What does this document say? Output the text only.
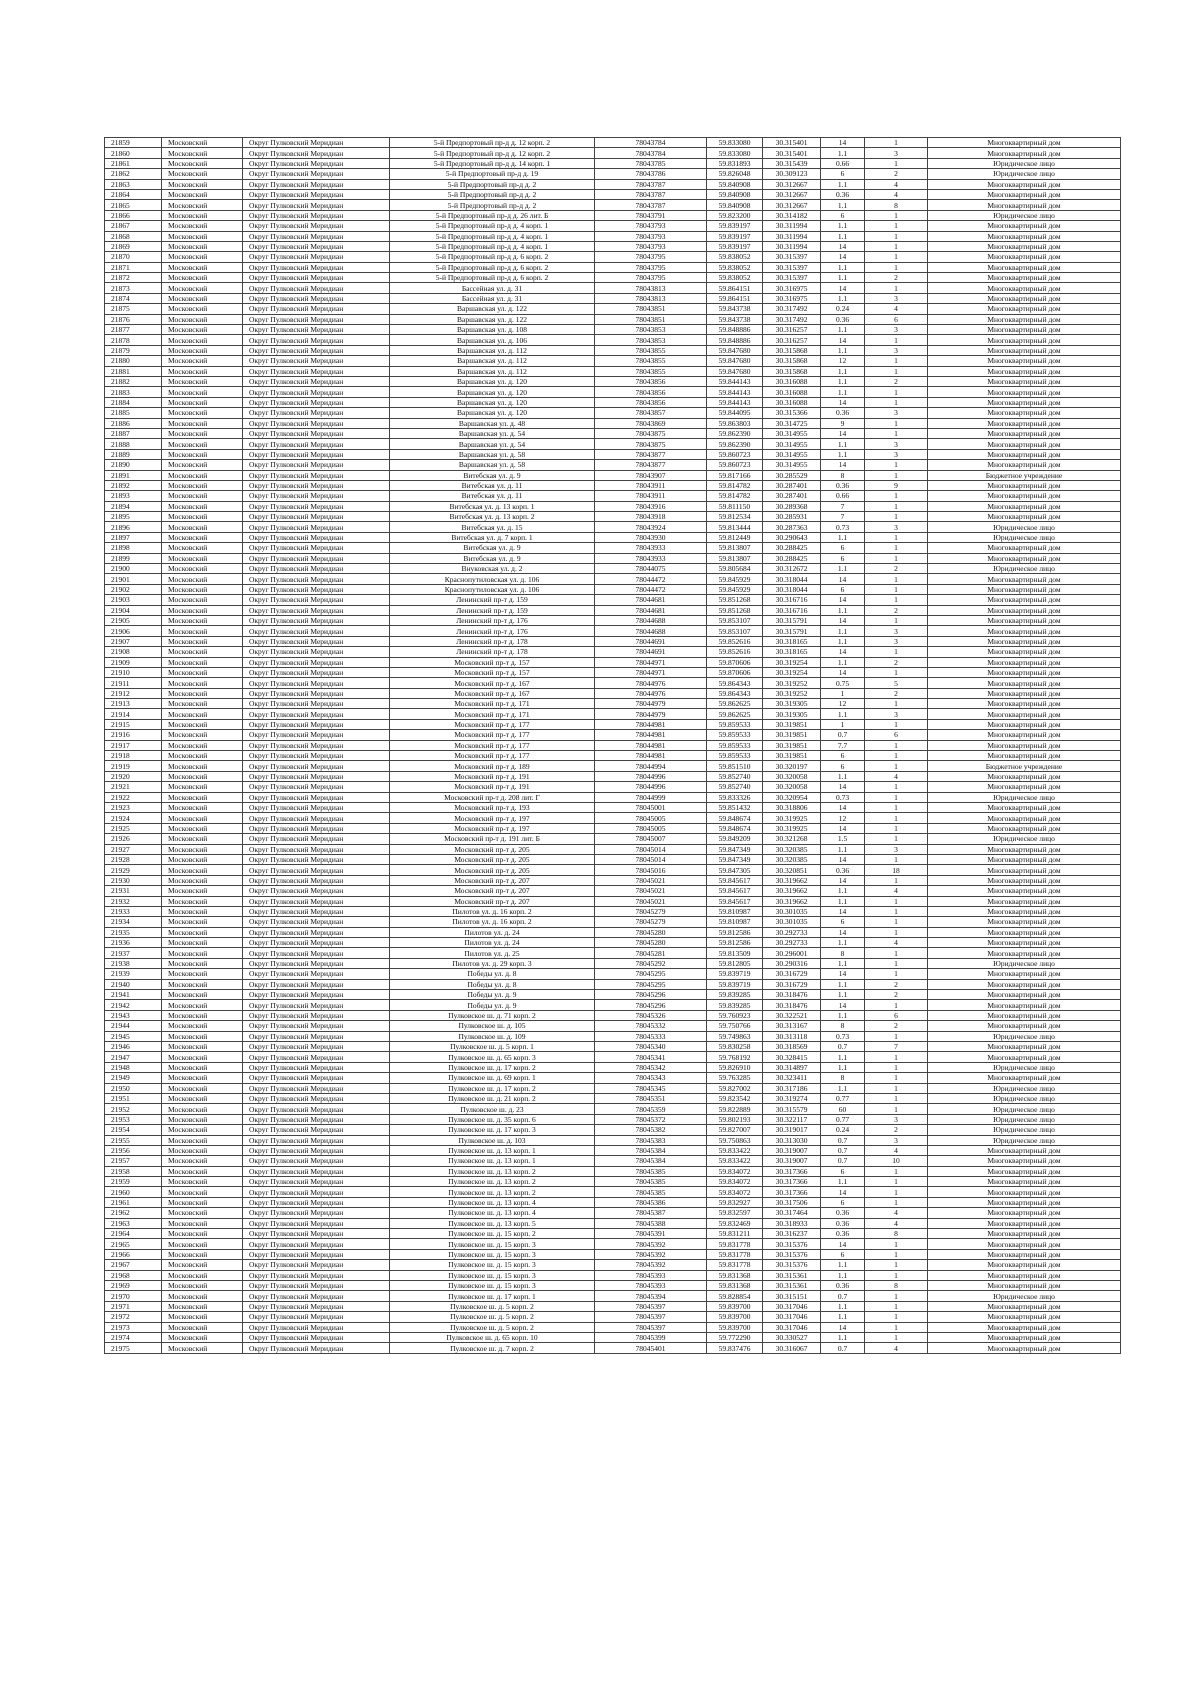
21859	Московский	Округ Пулковский Меридиан	5-й Предпортовый пр-д д. 12 корп. 2	78043784	59.833080	30.315401	14	1	Многоквартирный дом
21860	Московский	Округ Пулковский Меридиан	5-й Предпортовый пр-д д. 12 корп. 2	78043784	59.833080	30.315401	1.1	3	Многоквартирный дом
21861	Московский	Округ Пулковский Меридиан	5-й Предпортовый пр-д д. 14 корп. 1	78043785	59.831893	30.315439	0.66	1	Юридическое лицо
21862	Московский	Округ Пулковский Меридиан	5-й Предпортовый пр-д д. 19	78043786	59.826048	30.309123	6	2	Юридическое лицо
21863	Московский	Округ Пулковский Меридиан	5-й Предпортовый пр-д д. 2	78043787	59.840908	30.312667	1.1	4	Многоквартирный дом
21864	Московский	Округ Пулковский Меридиан	5-й Предпортовый пр-д д. 2	78043787	59.840908	30.312667	0.36	4	Многоквартирный дом
21865	Московский	Округ Пулковский Меридиан	5-й Предпортовый пр-д д. 2	78043787	59.840908	30.312667	1.1	8	Многоквартирный дом
21866	Московский	Округ Пулковский Меридиан	5-й Предпортовый пр-д д. 26 лит. Б	78043791	59.823200	30.314182	6	1	Юридическое лицо
21867	Московский	Округ Пулковский Меридиан	5-й Предпортовый пр-д д. 4 корп. 1	78043793	59.839197	30.311994	1.1	1	Многоквартирный дом
21868	Московский	Округ Пулковский Меридиан	5-й Предпортовый пр-д д. 4 корп. 1	78043793	59.839197	30.311994	1.1	1	Многоквартирный дом
21869	Московский	Округ Пулковский Меридиан	5-й Предпортовый пр-д д. 4 корп. 1	78043793	59.839197	30.311994	14	1	Многоквартирный дом
21870	Московский	Округ Пулковский Меридиан	5-й Предпортовый пр-д д. 6 корп. 2	78043795	59.838052	30.315397	14	1	Многоквартирный дом
21871	Московский	Округ Пулковский Меридиан	5-й Предпортовый пр-д д. 6 корп. 2	78043795	59.838052	30.315397	1.1	1	Многоквартирный дом
21872	Московский	Округ Пулковский Меридиан	5-й Предпортовый пр-д д. 6 корп. 2	78043795	59.838052	30.315397	1.1	2	Многоквартирный дом
21873	Московский	Округ Пулковский Меридиан	Бассейная ул. д. 31	78043813	59.864151	30.316975	14	1	Многоквартирный дом
21874	Московский	Округ Пулковский Меридиан	Бассейная ул. д. 31	78043813	59.864151	30.316975	1.1	3	Многоквартирный дом
21875	Московский	Округ Пулковский Меридиан	Варшавская ул. д. 122	78043851	59.843738	30.317492	0.24	4	Многоквартирный дом
21876	Московский	Округ Пулковский Меридиан	Варшавская ул. д. 122	78043851	59.843738	30.317492	0.36	6	Многоквартирный дом
21877	Московский	Округ Пулковский Меридиан	Варшавская ул. д. 108	78043853	59.848886	30.316257	1.1	3	Многоквартирный дом
21878	Московский	Округ Пулковский Меридиан	Варшавская ул. д. 106	78043853	59.848886	30.316257	14	1	Многоквартирный дом
21879	Московский	Округ Пулковский Меридиан	Варшавская ул. д. 112	78043855	59.847680	30.315868	1.1	3	Многоквартирный дом
21880	Московский	Округ Пулковский Меридиан	Варшавская ул. д. 112	78043855	59.847680	30.315868	12	1	Многоквартирный дом
21881	Московский	Округ Пулковский Меридиан	Варшавская ул. д. 112	78043855	59.847680	30.315868	1.1	1	Многоквартирный дом
21882	Московский	Округ Пулковский Меридиан	Варшавская ул. д. 120	78043856	59.844143	30.316088	1.1	2	Многоквартирный дом
21883	Московский	Округ Пулковский Меридиан	Варшавская ул. д. 120	78043856	59.844143	30.316088	1.1	1	Многоквартирный дом
21884	Московский	Округ Пулковский Меридиан	Варшавская ул. д. 120	78043856	59.844143	30.316088	14	1	Многоквартирный дом
21885	Московский	Округ Пулковский Меридиан	Варшавская ул. д. 120	78043857	59.844095	30.315366	0.36	3	Многоквартирный дом
21886	Московский	Округ Пулковский Меридиан	Варшавская ул. д. 48	78043869	59.863803	30.314725	9	1	Многоквартирный дом
21887	Московский	Округ Пулковский Меридиан	Варшавская ул. д. 54	78043875	59.862390	30.314955	14	1	Многоквартирный дом
21888	Московский	Округ Пулковский Меридиан	Варшавская ул. д. 54	78043875	59.862390	30.314955	1.1	3	Многоквартирный дом
21889	Московский	Округ Пулковский Меридиан	Варшавская ул. д. 58	78043877	59.860723	30.314955	1.1	3	Многоквартирный дом
21890	Московский	Округ Пулковский Меридиан	Варшавская ул. д. 58	78043877	59.860723	30.314955	14	1	Многоквартирный дом
21891	Московский	Округ Пулковский Меридиан	Витебская ул. д. 9	78043907	59.817166	30.285529	8	1	Бюджетное учреждение
21892	Московский	Округ Пулковский Меридиан	Витебская ул. д. 11	78043911	59.814782	30.287401	0.36	9	Многоквартирный дом
21893	Московский	Округ Пулковский Меридиан	Витебская ул. д. 11	78043911	59.814782	30.287401	0.66	1	Многоквартирный дом
21894	Московский	Округ Пулковский Меридиан	Витебская ул. д. 13 корп. 1	78043916	59.811150	30.289368	7	1	Многоквартирный дом
21895	Московский	Округ Пулковский Меридиан	Витебская ул. д. 13 корп. 2	78043918	59.812534	30.285931	7	1	Многоквартирный дом
21896	Московский	Округ Пулковский Меридиан	Витебская ул. д. 15	78043924	59.813444	30.287363	0.73	3	Юридическое лицо
21897	Московский	Округ Пулковский Меридиан	Витебская ул. д. 7 корп. 1	78043930	59.812449	30.290643	1.1	1	Юридическое лицо
21898	Московский	Округ Пулковский Меридиан	Витебская ул. д. 9	78043933	59.813807	30.288425	6	1	Многоквартирный дом
21899	Московский	Округ Пулковский Меридиан	Витебская ул. д. 9	78043933	59.813807	30.288425	6	1	Многоквартирный дом
21900	Московский	Округ Пулковский Меридиан	Внуковская ул. д. 2	78044075	59.805684	30.312672	1.1	2	Юридическое лицо
21901	Московский	Округ Пулковский Меридиан	Краснопутиловская ул. д. 106	78044472	59.845929	30.318044	14	1	Многоквартирный дом
21902	Московский	Округ Пулковский Меридиан	Краснопутиловская ул. д. 106	78044472	59.845929	30.318044	6	1	Многоквартирный дом
21903	Московский	Округ Пулковский Меридиан	Ленинский пр-т д. 159	78044681	59.851268	30.316716	14	1	Многоквартирный дом
21904	Московский	Округ Пулковский Меридиан	Ленинский пр-т д. 159	78044681	59.851268	30.316716	1.1	2	Многоквартирный дом
21905	Московский	Округ Пулковский Меридиан	Ленинский пр-т д. 176	78044688	59.853107	30.315791	14	1	Многоквартирный дом
21906	Московский	Округ Пулковский Меридиан	Ленинский пр-т д. 176	78044688	59.853107	30.315791	1.1	3	Многоквартирный дом
21907	Московский	Округ Пулковский Меридиан	Ленинский пр-т д. 178	78044691	59.852616	30.318165	1.1	3	Многоквартирный дом
21908	Московский	Округ Пулковский Меридиан	Ленинский пр-т д. 178	78044691	59.852616	30.318165	14	1	Многоквартирный дом
21909	Московский	Округ Пулковский Меридиан	Московский пр-т д. 157	78044971	59.870606	30.319254	1.1	2	Многоквартирный дом
21910	Московский	Округ Пулковский Меридиан	Московский пр-т д. 157	78044971	59.870606	30.319254	14	1	Многоквартирный дом
21911	Московский	Округ Пулковский Меридиан	Московский пр-т д. 167	78044976	59.864343	30.319252	0.75	5	Многоквартирный дом
21912	Московский	Округ Пулковский Меридиан	Московский пр-т д. 167	78044976	59.864343	30.319252	1	2	Многоквартирный дом
21913	Московский	Округ Пулковский Меридиан	Московский пр-т д. 171	78044979	59.862625	30.319305	12	1	Многоквартирный дом
21914	Московский	Округ Пулковский Меридиан	Московский пр-т д. 171	78044979	59.862625	30.319305	1.1	3	Многоквартирный дом
21915	Московский	Округ Пулковский Меридиан	Московский пр-т д. 177	78044981	59.859533	30.319851	1	1	Многоквартирный дом
21916	Московский	Округ Пулковский Меридиан	Московский пр-т д. 177	78044981	59.859533	30.319851	0.7	6	Многоквартирный дом
21917	Московский	Округ Пулковский Меридиан	Московский пр-т д. 177	78044981	59.859533	30.319851	7.7	1	Многоквартирный дом
21918	Московский	Округ Пулковский Меридиан	Московский пр-т д. 177	78044981	59.859533	30.319851	6	1	Многоквартирный дом
21919	Московский	Округ Пулковский Меридиан	Московский пр-т д. 189	78044994	59.851510	30.320197	6	1	Бюджетное учреждение
21920	Московский	Округ Пулковский Меридиан	Московский пр-т д. 191	78044996	59.852740	30.320058	1.1	4	Многоквартирный дом
21921	Московский	Округ Пулковский Меридиан	Московский пр-т д. 191	78044996	59.852740	30.320058	14	1	Многоквартирный дом
21922	Московский	Округ Пулковский Меридиан	Московский пр-т д. 208 лит. Г	78044999	59.833326	30.320954	0.73	1	Юридическое лицо
21923	Московский	Округ Пулковский Меридиан	Московский пр-т д. 193	78045001	59.851432	30.318806	14	1	Многоквартирный дом
21924	Московский	Округ Пулковский Меридиан	Московский пр-т д. 197	78045005	59.848674	30.319925	12	1	Многоквартирный дом
21925	Московский	Округ Пулковский Меридиан	Московский пр-т д. 197	78045005	59.848674	30.319925	14	1	Многоквартирный дом
21926	Московский	Округ Пулковский Меридиан	Московский пр-т д. 191 лит. Б	78045007	59.849209	30.321268	1.5	1	Юридическое лицо
21927	Московский	Округ Пулковский Меридиан	Московский пр-т д. 205	78045014	59.847349	30.320385	1.1	3	Многоквартирный дом
21928	Московский	Округ Пулковский Меридиан	Московский пр-т д. 205	78045014	59.847349	30.320385	14	1	Многоквартирный дом
21929	Московский	Округ Пулковский Меридиан	Московский пр-т д. 205	78045016	59.847305	30.320851	0.36	18	Многоквартирный дом
21930	Московский	Округ Пулковский Меридиан	Московский пр-т д. 207	78045021	59.845617	30.319662	14	1	Многоквартирный дом
21931	Московский	Округ Пулковский Меридиан	Московский пр-т д. 207	78045021	59.845617	30.319662	1.1	4	Многоквартирный дом
21932	Московский	Округ Пулковский Меридиан	Московский пр-т д. 207	78045021	59.845617	30.319662	1.1	1	Многоквартирный дом
21933	Московский	Округ Пулковский Меридиан	Пилотов ул. д. 16 корп. 2	78045279	59.810987	30.301035	14	1	Многоквартирный дом
21934	Московский	Округ Пулковский Меридиан	Пилотов ул. д. 16 корп. 2	78045279	59.810987	30.301035	6	1	Многоквартирный дом
21935	Московский	Округ Пулковский Меридиан	Пилотов ул. д. 24	78045280	59.812586	30.292733	14	1	Многоквартирный дом
21936	Московский	Округ Пулковский Меридиан	Пилотов ул. д. 24	78045280	59.812586	30.292733	1.1	4	Многоквартирный дом
21937	Московский	Округ Пулковский Меридиан	Пилотов ул. д. 25	78045281	59.813509	30.296001	8	1	Многоквартирный дом
21938	Московский	Округ Пулковский Меридиан	Пилотов ул. д. 29 корп. 3	78045292	59.812805	30.290316	1.1	1	Юридическое лицо
21939	Московский	Округ Пулковский Меридиан	Победы ул. д. 8	78045295	59.839719	30.316729	14	1	Многоквартирный дом
21940	Московский	Округ Пулковский Меридиан	Победы ул. д. 8	78045295	59.839719	30.316729	1.1	2	Многоквартирный дом
21941	Московский	Округ Пулковский Меридиан	Победы ул. д. 9	78045296	59.839285	30.318476	1.1	2	Многоквартирный дом
21942	Московский	Округ Пулковский Меридиан	Победы ул. д. 9	78045296	59.839285	30.318476	14	1	Многоквартирный дом
21943	Московский	Округ Пулковский Меридиан	Пулковское ш. д. 71 корп. 2	78045326	59.760923	30.322521	1.1	6	Многоквартирный дом
21944	Московский	Округ Пулковский Меридиан	Пулковское ш. д. 105	78045332	59.750766	30.313167	8	2	Многоквартирный дом
21945	Московский	Округ Пулковский Меридиан	Пулковское ш. д. 109	78045333	59.749863	30.313118	0.73	1	Юридическое лицо
21946	Московский	Округ Пулковский Меридиан	Пулковское ш. д. 5 корп. 1	78045340	59.830258	30.318569	0.7	7	Многоквартирный дом
21947	Московский	Округ Пулковский Меридиан	Пулковское ш. д. 65 корп. 3	78045341	59.768192	30.328415	1.1	1	Многоквартирный дом
21948	Московский	Округ Пулковский Меридиан	Пулковское ш. д. 17 корп. 2	78045342	59.826910	30.314897	1.1	1	Юридическое лицо
21949	Московский	Округ Пулковский Меридиан	Пулковское ш. д. 69 корп. 1	78045343	59.763285	30.323411	8	1	Многоквартирный дом
21950	Московский	Округ Пулковский Меридиан	Пулковское ш. д. 17 корп. 2	78045345	59.827002	30.317186	1.1	1	Юридическое лицо
21951	Московский	Округ Пулковский Меридиан	Пулковское ш. д. 21 корп. 2	78045351	59.823542	30.319274	0.77	1	Юридическое лицо
21952	Московский	Округ Пулковский Меридиан	Пулковское ш. д. 23	78045359	59.822889	30.315579	60	1	Юридическое лицо
21953	Московский	Округ Пулковский Меридиан	Пулковское ш. д. 35 корп. 6	78045372	59.802193	30.322117	0.77	3	Юридическое лицо
21954	Московский	Округ Пулковский Меридиан	Пулковское ш. д. 17 корп. 3	78045382	59.827007	30.319017	0.24	2	Юридическое лицо
21955	Московский	Округ Пулковский Меридиан	Пулковское ш. д. 103	78045383	59.750863	30.313030	0.7	3	Юридическое лицо
21956	Московский	Округ Пулковский Меридиан	Пулковское ш. д. 13 корп. 1	78045384	59.833422	30.319007	0.7	4	Многоквартирный дом
21957	Московский	Округ Пулковский Меридиан	Пулковское ш. д. 13 корп. 1	78045384	59.833422	30.319007	0.7	10	Многоквартирный дом
21958	Московский	Округ Пулковский Меридиан	Пулковское ш. д. 13 корп. 2	78045385	59.834072	30.317366	6	1	Многоквартирный дом
21959	Московский	Округ Пулковский Меридиан	Пулковское ш. д. 13 корп. 2	78045385	59.834072	30.317366	1.1	1	Многоквартирный дом
21960	Московский	Округ Пулковский Меридиан	Пулковское ш. д. 13 корп. 2	78045385	59.834072	30.317366	14	1	Многоквартирный дом
21961	Московский	Округ Пулковский Меридиан	Пулковское ш. д. 13 корп. 4	78045386	59.832927	30.317506	6	1	Многоквартирный дом
21962	Московский	Округ Пулковский Меридиан	Пулковское ш. д. 13 корп. 4	78045387	59.832597	30.317464	0.36	4	Многоквартирный дом
21963	Московский	Округ Пулковский Меридиан	Пулковское ш. д. 13 корп. 5	78045388	59.832469	30.318933	0.36	4	Многоквартирный дом
21964	Московский	Округ Пулковский Меридиан	Пулковское ш. д. 15 корп. 2	78045391	59.831211	30.316237	0.36	8	Многоквартирный дом
21965	Московский	Округ Пулковский Меридиан	Пулковское ш. д. 15 корп. 3	78045392	59.831778	30.315376	14	1	Многоквартирный дом
21966	Московский	Округ Пулковский Меридиан	Пулковское ш. д. 15 корп. 3	78045392	59.831778	30.315376	6	1	Многоквартирный дом
21967	Московский	Округ Пулковский Меридиан	Пулковское ш. д. 15 корп. 3	78045392	59.831778	30.315376	1.1	1	Многоквартирный дом
21968	Московский	Округ Пулковский Меридиан	Пулковское ш. д. 15 корп. 3	78045393	59.831368	30.315361	1.1	1	Многоквартирный дом
21969	Московский	Округ Пулковский Меридиан	Пулковское ш. д. 15 корп. 3	78045393	59.831368	30.315361	0.36	8	Многоквартирный дом
21970	Московский	Округ Пулковский Меридиан	Пулковское ш. д. 17 корп. 1	78045394	59.828854	30.315151	0.7	1	Юридическое лицо
21971	Московский	Округ Пулковский Меридиан	Пулковское ш. д. 5 корп. 2	78045397	59.839700	30.317046	1.1	1	Многоквартирный дом
21972	Московский	Округ Пулковский Меридиан	Пулковское ш. д. 5 корп. 2	78045397	59.839700	30.317046	1.1	1	Многоквартирный дом
21973	Московский	Округ Пулковский Меридиан	Пулковское ш. д. 5 корп. 2	78045397	59.839700	30.317046	14	1	Многоквартирный дом
21974	Московский	Округ Пулковский Меридиан	Пулковское ш. д. 65 корп. 10	78045399	59.772290	30.330527	1.1	1	Многоквартирный дом
21975	Московский	Округ Пулковский Меридиан	Пулковское ш. д. 7 корп. 2	78045401	59.837476	30.316067	0.7	4	Многоквартирный дом
